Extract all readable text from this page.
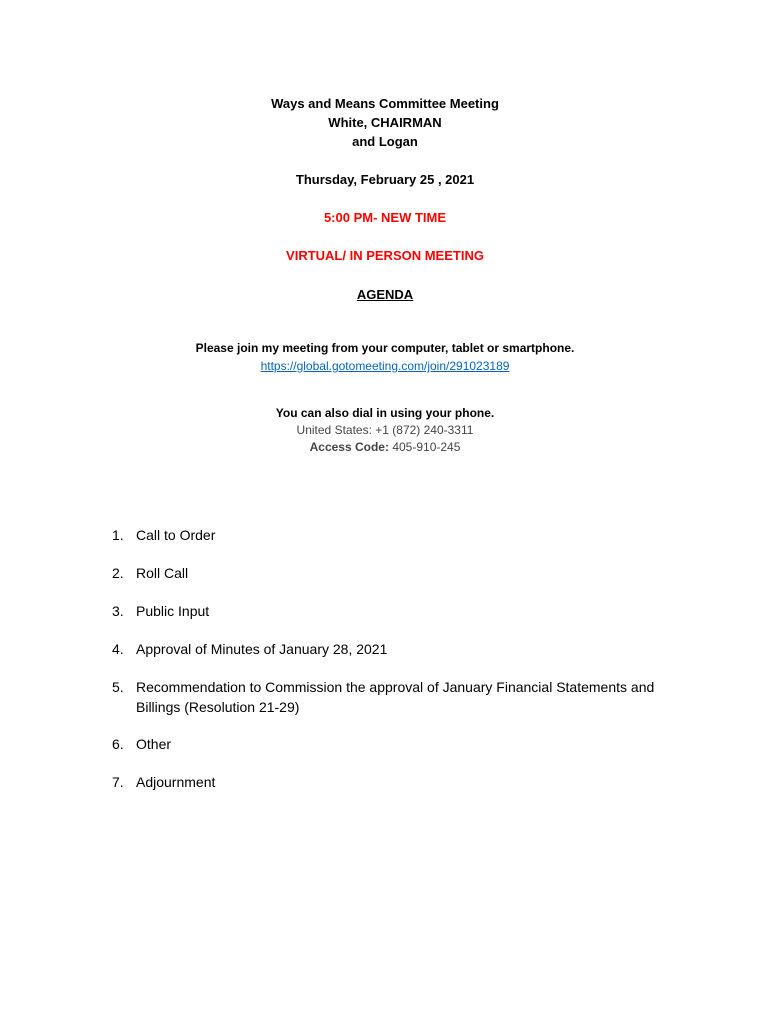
Ways and Means Committee Meeting
White, CHAIRMAN
and Logan
Thursday, February 25 , 2021
5:00 PM- NEW TIME
VIRTUAL/ IN PERSON MEETING
AGENDA
Please join my meeting from your computer, tablet or smartphone.
https://global.gotomeeting.com/join/291023189
You can also dial in using your phone.
United States: +1 (872) 240-3311
Access Code: 405-910-245
1. Call to Order
2. Roll Call
3. Public Input
4. Approval of Minutes of January 28, 2021
5. Recommendation to Commission the approval of January Financial Statements and
Billings (Resolution 21-29)
6. Other
7. Adjournment
